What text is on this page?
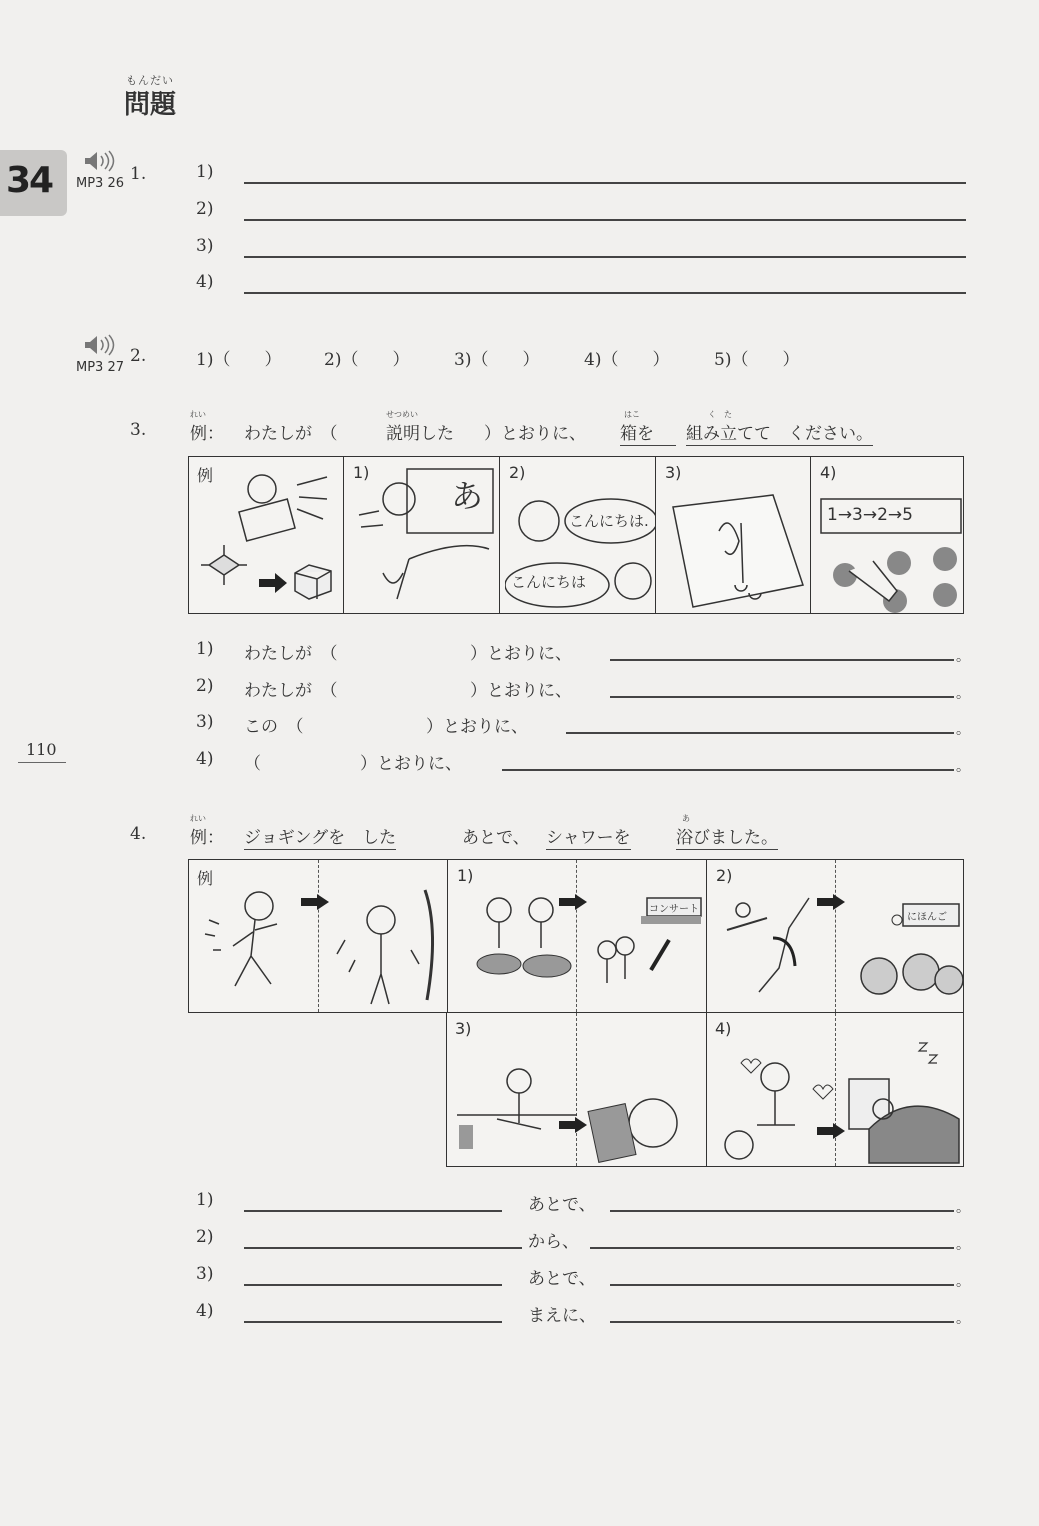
もんだい
問題
34
110
MP3 26 1.	1)
2)
3)
4)
MP3 27
2.	1)（　　）	2)（　　）	3)（　　）	4)（　　）	5)（　　）
3.
れい
例： わたしが　（
せつめい
説明した ）とおりに、
はこ
箱を
く　た
組み立てて　ください。
例	1)
あ
2)
こんにちは.
こんにちは
3)	4)
1→3→2→5
1) わたしが　（	）とおりに、	。
2) わたしが　（	）とおりに、	。
3) この　（	）とおりに、	。
4) （	）とおりに、	。
4.
れい
例： ジョギングを　した	あとで、 シャワーを
あ
浴びました。
例	1)
コンサート
2)
にほんご
3)	4)
1)	あとで、	。
2)	から、	。
3)	あとで、	。
4)	まえに、	。
